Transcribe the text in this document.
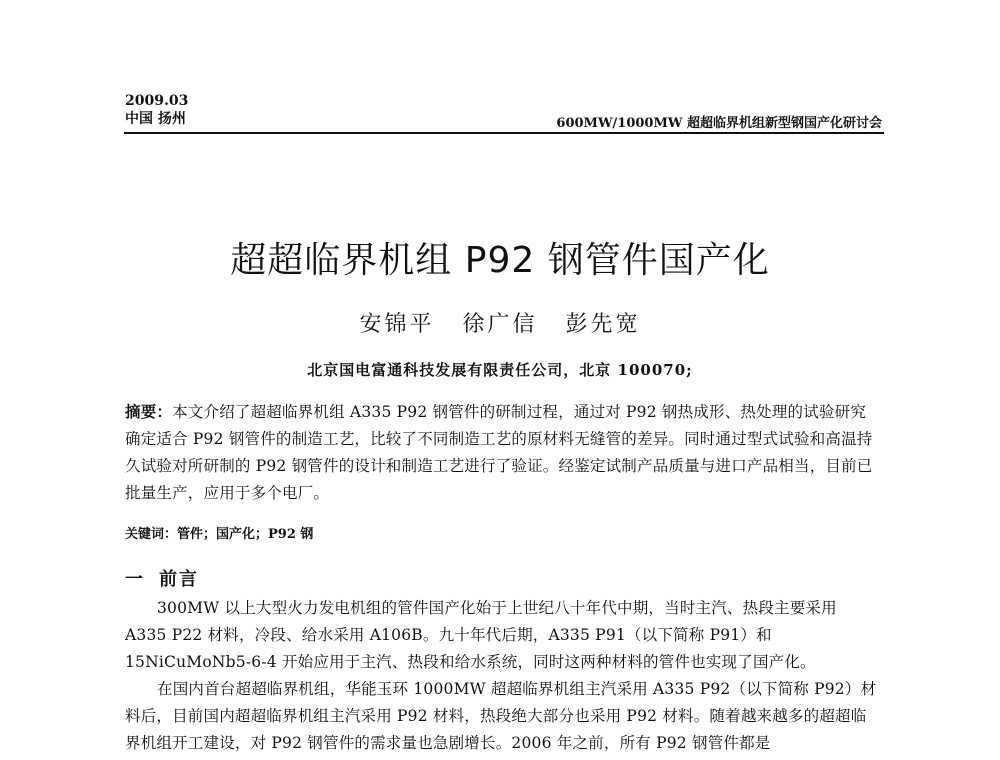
2009.03
中国 扬州	600MW/1000MW 超超临界机组新型钢国产化研讨会
超超临界机组 P92 钢管件国产化
安锦平 徐广信 彭先宽
北京国电富通科技发展有限责任公司，北京 100070;
摘要：本文介绍了超超临界机组 A335 P92 钢管件的研制过程，通过对 P92 钢热成形、热处理的试验研究确定适合 P92 钢管件的制造工艺，比较了不同制造工艺的原材料无缝管的差异。同时通过型式试验和高温持久试验对所研制的 P92 钢管件的设计和制造工艺进行了验证。经鉴定试制产品质量与进口产品相当，目前已批量生产，应用于多个电厂。
关键词：管件；国产化；P92 钢
一 前言

300MW 以上大型火力发电机组的管件国产化始于上世纪八十年代中期，当时主汽、热段主要采用 A335 P22 材料，冷段、给水采用 A106B。九十年代后期，A335 P91（以下简称 P91）和 15NiCuMoNb5-6-4 开始应用于主汽、热段和给水系统，同时这两种材料的管件也实现了国产化。

在国内首台超超临界机组，华能玉环 1000MW 超超临界机组主汽采用 A335 P92（以下简称 P92）材料后，目前国内超超临界机组主汽采用 P92 材料，热段绝大部分也采用 P92 材料。随着越来越多的超超临界机组开工建设，对 P92 钢管件的需求量也急剧增长。2006 年之前，所有 P92 钢管件都是
